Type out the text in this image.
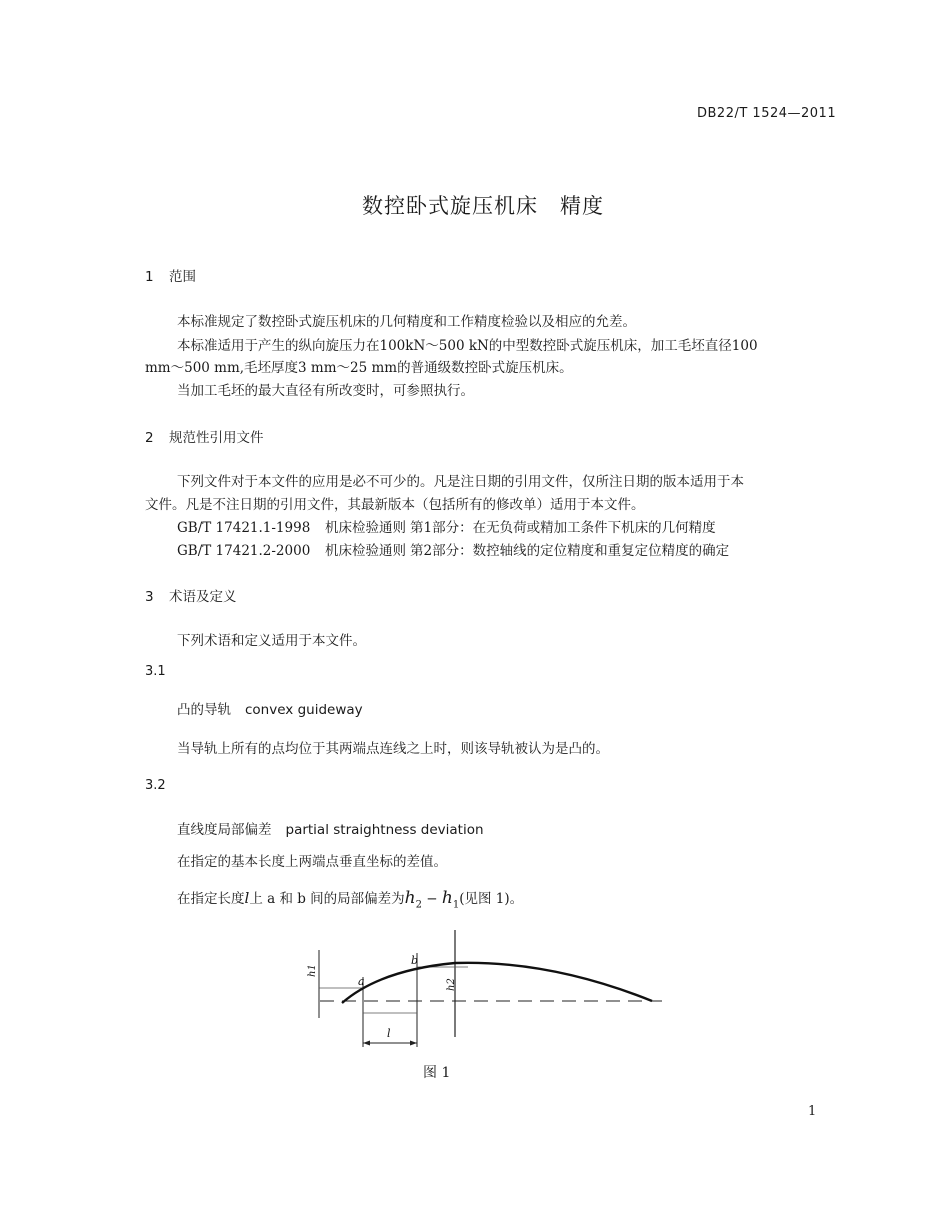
DB22/T 1524—2011
数控卧式旋压机床　精度
1 范围
本标准规定了数控卧式旋压机床的几何精度和工作精度检验以及相应的允差。
本标准适用于产生的纵向旋压力在100kN～500 kN的中型数控卧式旋压机床，加工毛坯直径100
mm～500 mm,毛坯厚度3 mm～25 mm的普通级数控卧式旋压机床。
当加工毛坯的最大直径有所改变时，可参照执行。
2 规范性引用文件
下列文件对于本文件的应用是必不可少的。凡是注日期的引用文件，仅所注日期的版本适用于本
文件。凡是不注日期的引用文件，其最新版本（包括所有的修改单）适用于本文件。
GB/T 17421.1-1998 机床检验通则 第1部分：在无负荷或精加工条件下机床的几何精度
GB/T 17421.2-2000 机床检验通则 第2部分：数控轴线的定位精度和重复定位精度的确定
3 术语及定义
下列术语和定义适用于本文件。
3.1
凸的导轨 convex guideway
当导轨上所有的点均位于其两端点连线之上时，则该导轨被认为是凸的。
3.2
直线度局部偏差 partial straightness deviation
在指定的基本长度上两端点垂直坐标的差值。
在指定长度l上 a 和 b 间的局部偏差为$h_2 - h_1$(见图 1)。
a
b
h1
h2
l
图 1
1
